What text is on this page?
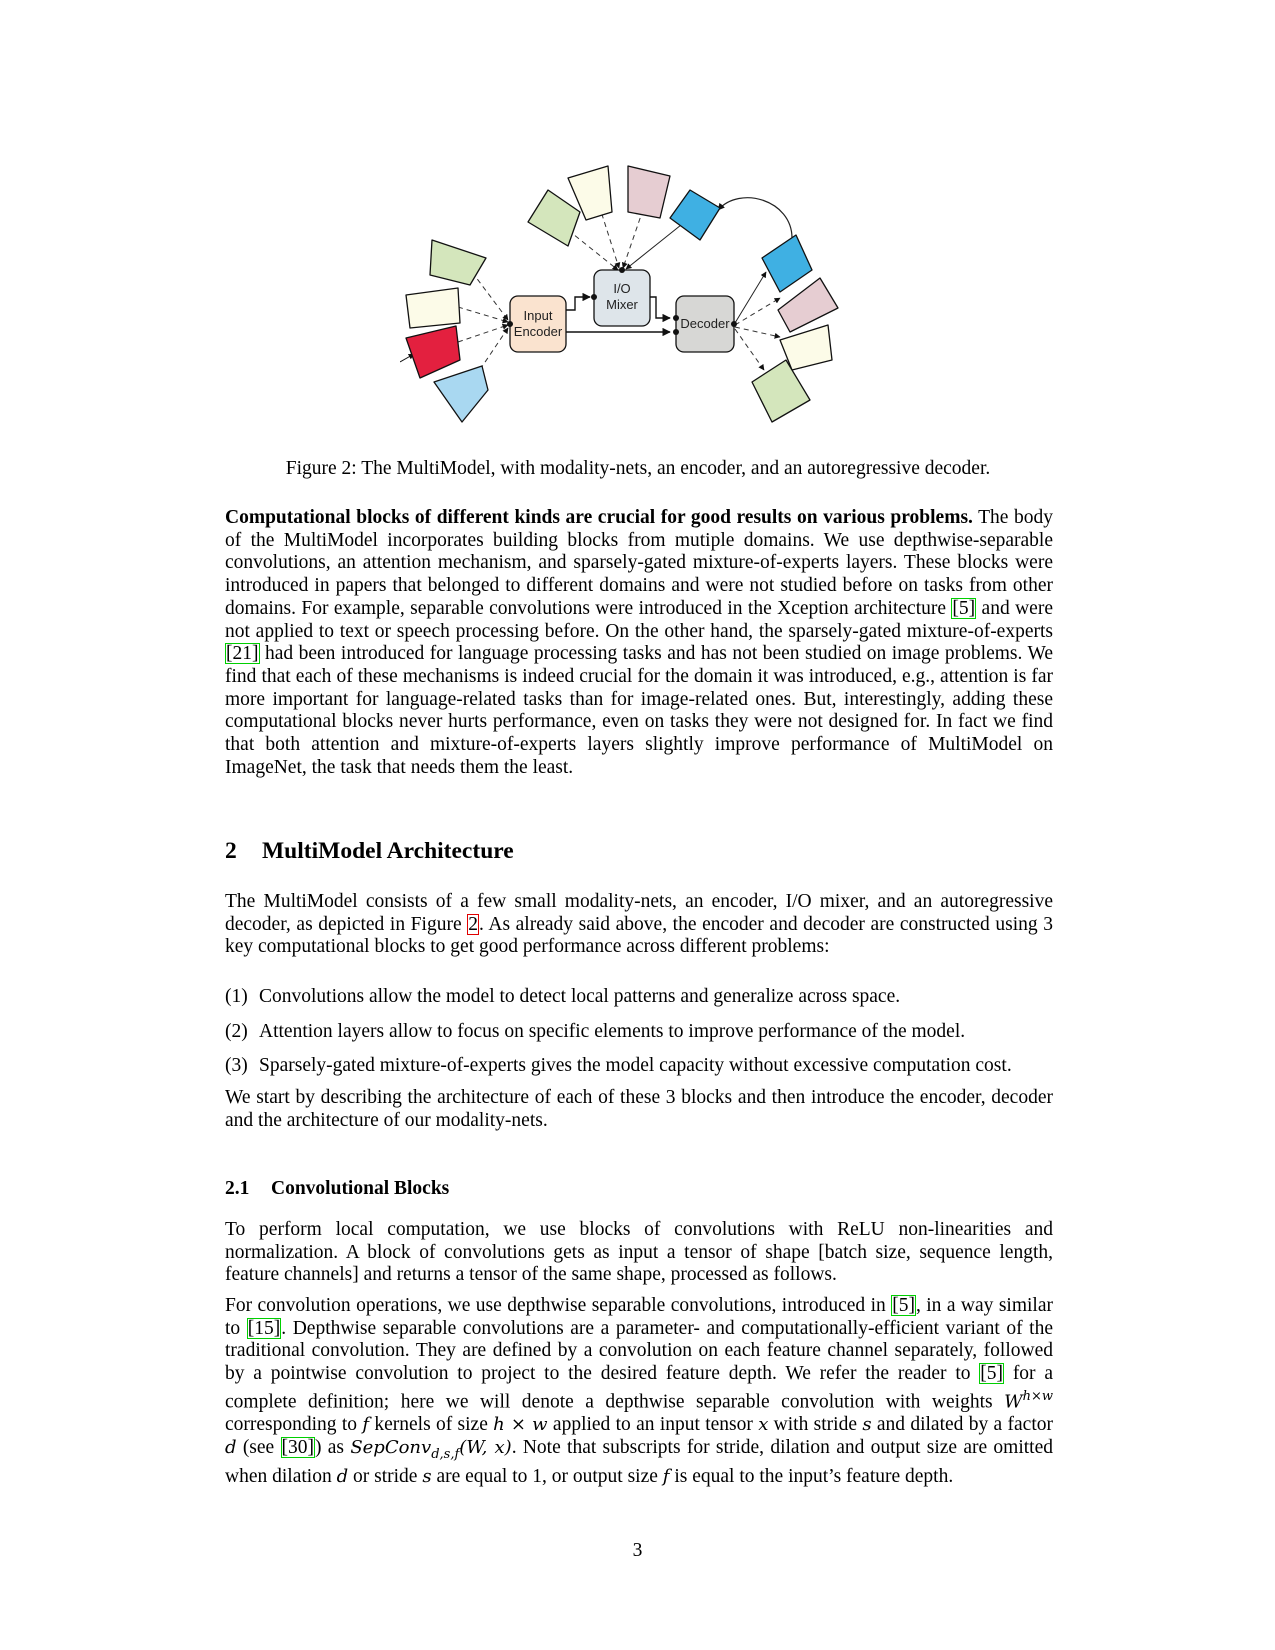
Input
Encoder
I/O
Mixer
Decoder
Figure 2: The MultiModel, with modality-nets, an encoder, and an autoregressive decoder.
Computational blocks of different kinds are crucial for good results on various problems. The body of the MultiModel incorporates building blocks from mutiple domains. We use depthwise-separable convolutions, an attention mechanism, and sparsely-gated mixture-of-experts layers. These blocks were introduced in papers that belonged to different domains and were not studied before on tasks from other domains. For example, separable convolutions were introduced in the Xception architecture [5] and were not applied to text or speech processing before. On the other hand, the sparsely-gated mixture-of-experts [21] had been introduced for language processing tasks and has not been studied on image problems. We find that each of these mechanisms is indeed crucial for the domain it was introduced, e.g., attention is far more important for language-related tasks than for image-related ones. But, interestingly, adding these computational blocks never hurts performance, even on tasks they were not designed for. In fact we find that both attention and mixture-of-experts layers slightly improve performance of MultiModel on ImageNet, the task that needs them the least.
2 MultiModel Architecture
The MultiModel consists of a few small modality-nets, an encoder, I/O mixer, and an autoregressive decoder, as depicted in Figure 2. As already said above, the encoder and decoder are constructed using 3 key computational blocks to get good performance across different problems:
(1) Convolutions allow the model to detect local patterns and generalize across space.
(2) Attention layers allow to focus on specific elements to improve performance of the model.
(3) Sparsely-gated mixture-of-experts gives the model capacity without excessive computation cost.
We start by describing the architecture of each of these 3 blocks and then introduce the encoder, decoder and the architecture of our modality-nets.
2.1 Convolutional Blocks
To perform local computation, we use blocks of convolutions with ReLU non-linearities and normalization. A block of convolutions gets as input a tensor of shape [batch size, sequence length, feature channels] and returns a tensor of the same shape, processed as follows.
For convolution operations, we use depthwise separable convolutions, introduced in [5], in a way similar to [15]. Depthwise separable convolutions are a parameter- and computationally-efficient variant of the traditional convolution. They are defined by a convolution on each feature channel separately, followed by a pointwise convolution to project to the desired feature depth. We refer the reader to [5] for a complete definition; here we will denote a depthwise separable convolution with weights $W^{h\times w}$ corresponding to f kernels of size h × w applied to an input tensor x with stride s and dilated by a factor d (see [30]) as SepConv$_{d,s,f}$(W, x). Note that subscripts for stride, dilation and output size are omitted when dilation d or stride s are equal to 1, or output size f is equal to the input’s feature depth.
3
